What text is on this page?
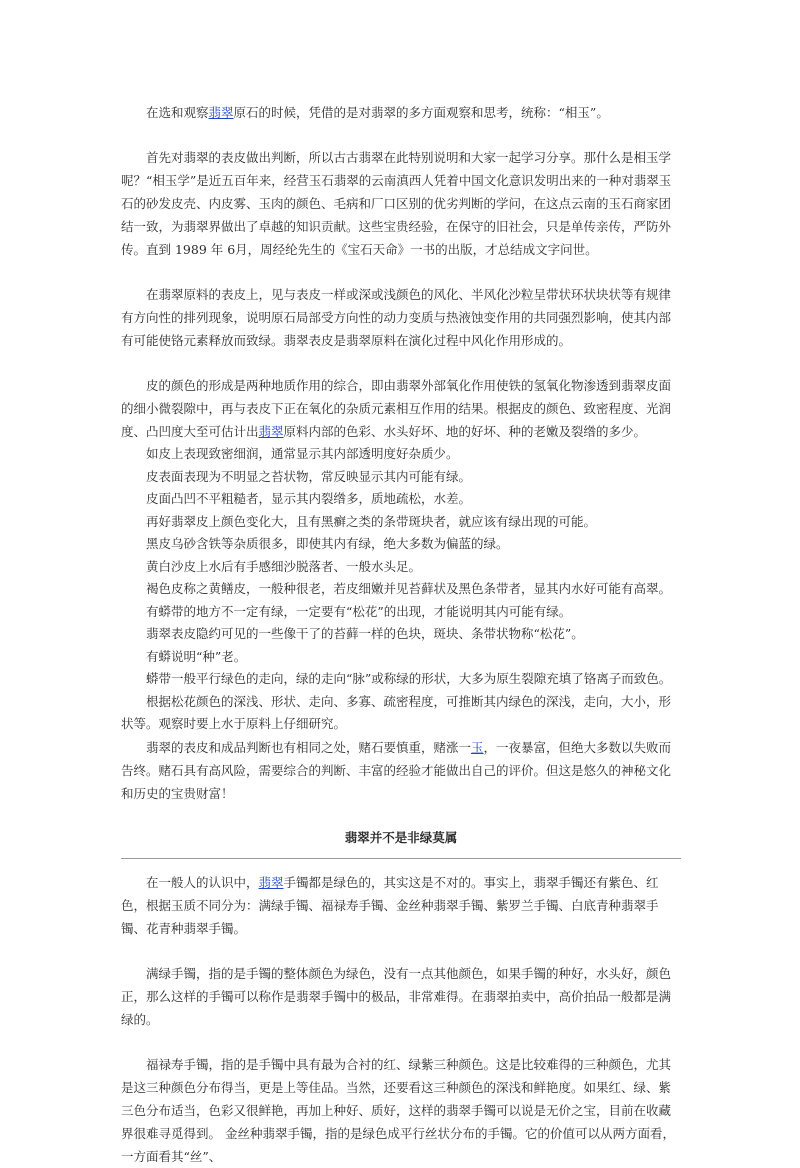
在选和观察翡翠原石的时候，凭借的是对翡翠的多方面观察和思考，统称：“相玉”。

首先对翡翠的表皮做出判断，所以古古翡翠在此特别说明和大家一起学习分享。那什么是相玉学呢？“相玉学”是近五百年来，经营玉石翡翠的云南滇西人凭着中国文化意识发明出来的一种对翡翠玉石的砂发皮壳、内皮雾、玉肉的颜色、毛病和厂口区别的优劣判断的学问，在这点云南的玉石商家团结一致，为翡翠界做出了卓越的知识贡献。这些宝贵经验，在保守的旧社会，只是单传亲传，严防外传。直到 1989 年 6月，周经纶先生的《宝石天命》一书的出版，才总结成文字问世。

在翡翠原料的表皮上，见与表皮一样或深或浅颜色的风化、半风化沙粒呈带状环状块状等有规律有方向性的排列现象，说明原石局部受方向性的动力变质与热液蚀变作用的共同强烈影响，使其内部有可能使铬元素释放而致绿。翡翠表皮是翡翠原料在演化过程中风化作用形成的。

皮的颜色的形成是两种地质作用的综合，即由翡翠外部氧化作用使铁的氢氧化物渗透到翡翠皮面的细小微裂隙中，再与表皮下正在氧化的杂质元素相互作用的结果。根据皮的颜色、致密程度、光润度、凸凹度大至可估计出翡翠原料内部的色彩、水头好坏、地的好坏、种的老嫩及裂绺的多少。

如皮上表现致密细润，通常显示其内部透明度好杂质少。

皮表面表现为不明显之苔状物，常反映显示其内可能有绿。

皮面凸凹不平粗糙者，显示其内裂绺多，质地疏松，水差。

再好翡翠皮上颜色变化大，且有黑癣之类的条带斑块者，就应该有绿出现的可能。

黑皮乌砂含铁等杂质很多，即使其内有绿，绝大多数为偏蓝的绿。

黄白沙皮上水后有手感细沙脱落者、一般水头足。

褐色皮称之黄鳝皮，一般种很老，若皮细嫩并见苔藓状及黑色条带者，显其内水好可能有高翠。

有蟒带的地方不一定有绿，一定要有“松花”的出现，才能说明其内可能有绿。

翡翠表皮隐约可见的一些像干了的苔藓一样的色块，斑块、条带状物称“松花”。

有蟒说明“种”老。

蟒带一般平行绿色的走向，绿的走向“脉”或称绿的形状，大多为原生裂隙充填了铬离子而致色。

根据松花颜色的深浅、形状、走向、多寡、疏密程度，可推断其内绿色的深浅，走向，大小，形状等。观察时要上水于原料上仔细研究。

翡翠的表皮和成品判断也有相同之处，赌石要慎重，赌涨一玉，一夜暴富，但绝大多数以失败而告终。赌石具有高风险，需要综合的判断、丰富的经验才能做出自己的评价。但这是悠久的神秘文化和历史的宝贵财富！

翡翠并不是非绿莫属

在一般人的认识中，翡翠手镯都是绿色的，其实这是不对的。事实上，翡翠手镯还有紫色、红色，根据玉质不同分为：满绿手镯、福禄寿手镯、金丝种翡翠手镯、紫罗兰手镯、白底青种翡翠手镯、花青种翡翠手镯。

满绿手镯，指的是手镯的整体颜色为绿色，没有一点其他颜色，如果手镯的种好，水头好，颜色正，那么这样的手镯可以称作是翡翠手镯中的极品，非常难得。在翡翠拍卖中，高价拍品一般都是满绿的。

福禄寿手镯，指的是手镯中具有最为合衬的红、绿紫三种颜色。这是比较难得的三种颜色，尤其是这三种颜色分布得当，更是上等佳品。当然，还要看这三种颜色的深浅和鲜艳度。如果红、绿、紫三色分布适当，色彩又很鲜艳，再加上种好、质好，这样的翡翠手镯可以说是无价之宝，目前在收藏界很难寻觅得到。 金丝种翡翠手镯，指的是绿色成平行丝状分布的手镯。它的价值可以从两方面看，一方面看其“丝”、
